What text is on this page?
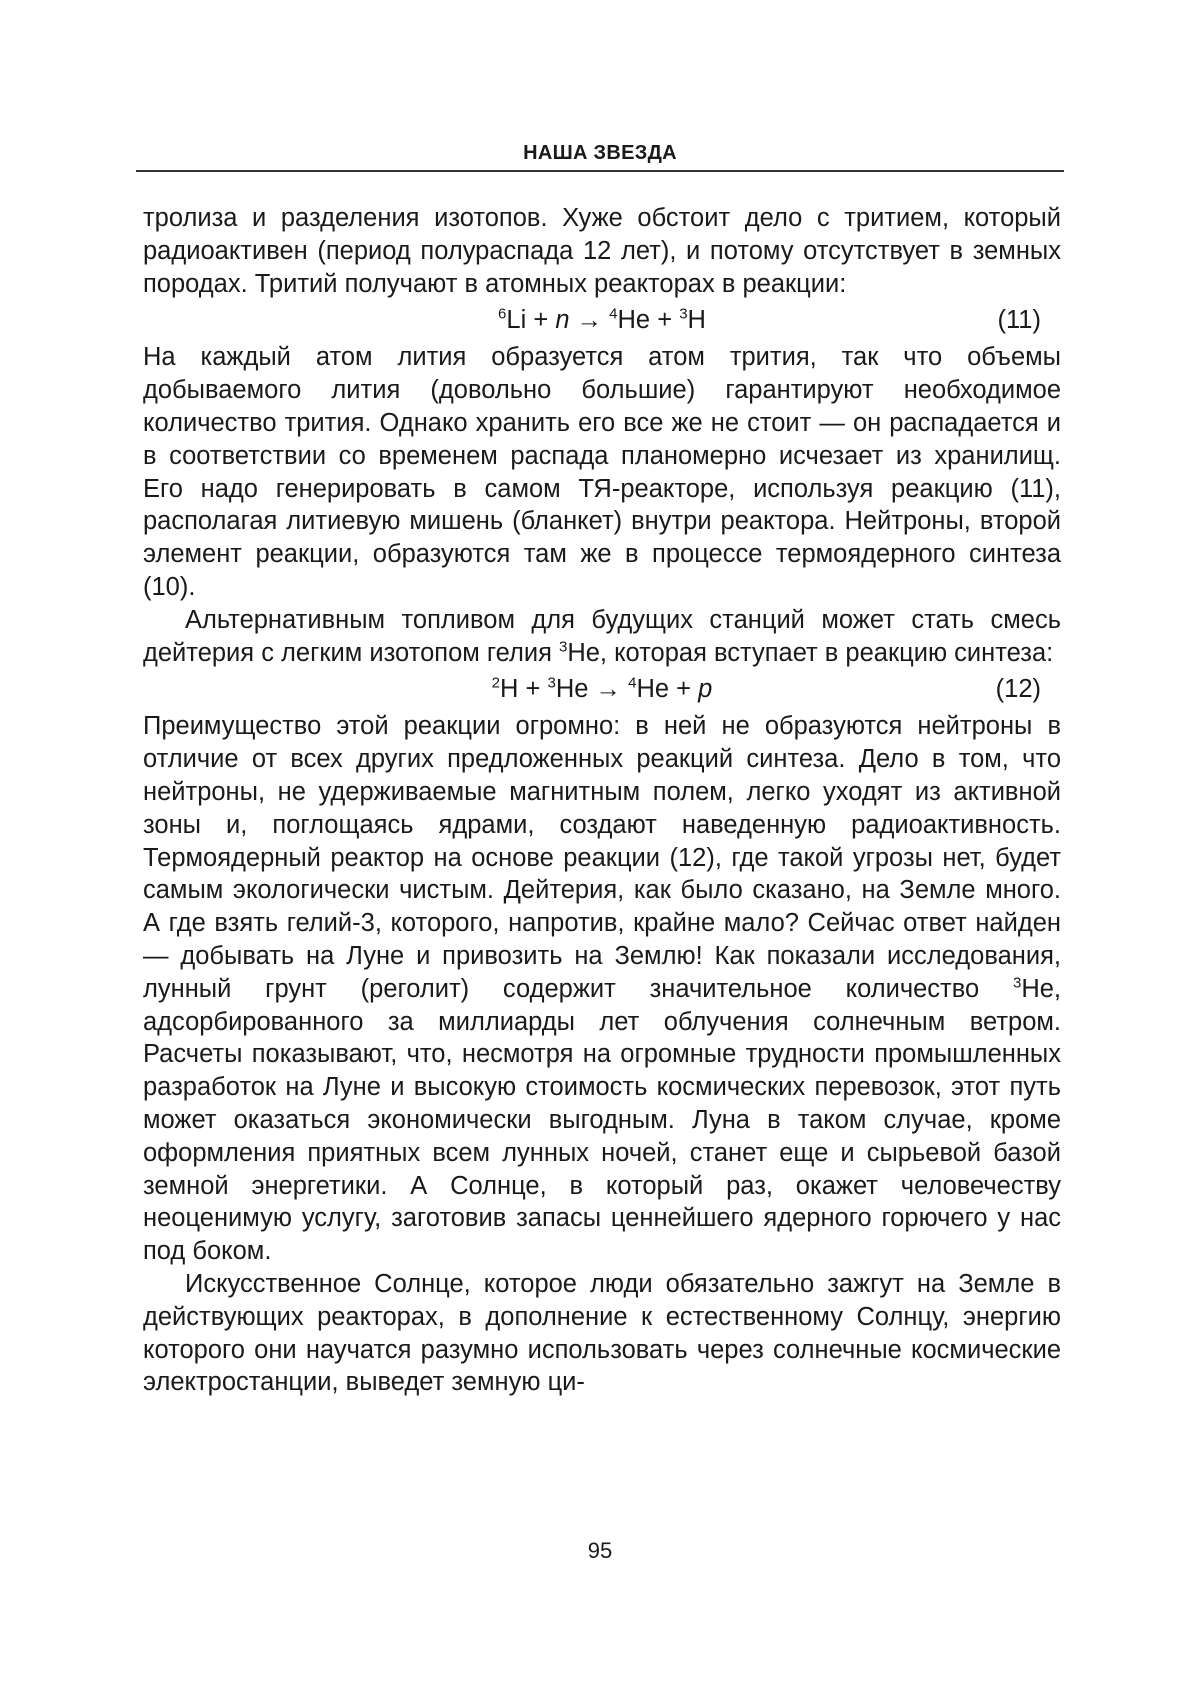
НАША ЗВЕЗДА

тролиза и разделения изотопов. Хуже обстоит дело с тритием, который радиоактивен (период полураспада 12 лет), и потому отсутствует в земных породах. Тритий получают в атомных реакторах в реакции:

$^6$Li + n → $^4$He + $^3$H	(11)

На каждый атом лития образуется атом трития, так что объемы добываемого лития (довольно большие) гарантируют необходимое количество трития. Однако хранить его все же не стоит — он распадается и в соответствии со временем распада планомерно исчезает из хранилищ. Его надо генерировать в самом ТЯ-реакторе, используя реакцию (11), располагая литиевую мишень (бланкет) внутри реактора. Нейтроны, второй элемент реакции, образуются там же в процессе термоядерного синтеза (10).

Альтернативным топливом для будущих станций может стать смесь дейтерия с легким изотопом гелия $^3$He, которая вступает в реакцию синтеза:

$^2$H + $^3$He → $^4$He + p	(12)

Преимущество этой реакции огромно: в ней не образуются нейтроны в отличие от всех других предложенных реакций синтеза. Дело в том, что нейтроны, не удерживаемые магнитным полем, легко уходят из активной зоны и, поглощаясь ядрами, создают наведенную радиоактивность. Термоядерный реактор на основе реакции (12), где такой угрозы нет, будет самым экологически чистым. Дейтерия, как было сказано, на Земле много. А где взять гелий-3, которого, напротив, крайне мало? Сейчас ответ найден — добывать на Луне и привозить на Землю! Как показали исследования, лунный грунт (реголит) содержит значительное количество $^3$He, адсорбированного за миллиарды лет облучения солнечным ветром. Расчеты показывают, что, несмотря на огромные трудности промышленных разработок на Луне и высокую стоимость космических перевозок, этот путь может оказаться экономически выгодным. Луна в таком случае, кроме оформления приятных всем лунных ночей, станет еще и сырьевой базой земной энергетики. А Солнце, в который раз, окажет человечеству неоценимую услугу, заготовив запасы ценнейшего ядерного горючего у нас под боком.

Искусственное Солнце, которое люди обязательно зажгут на Земле в действующих реакторах, в дополнение к естественному Солнцу, энергию которого они научатся разумно использовать через солнечные космические электростанции, выведет земную ци-

95
